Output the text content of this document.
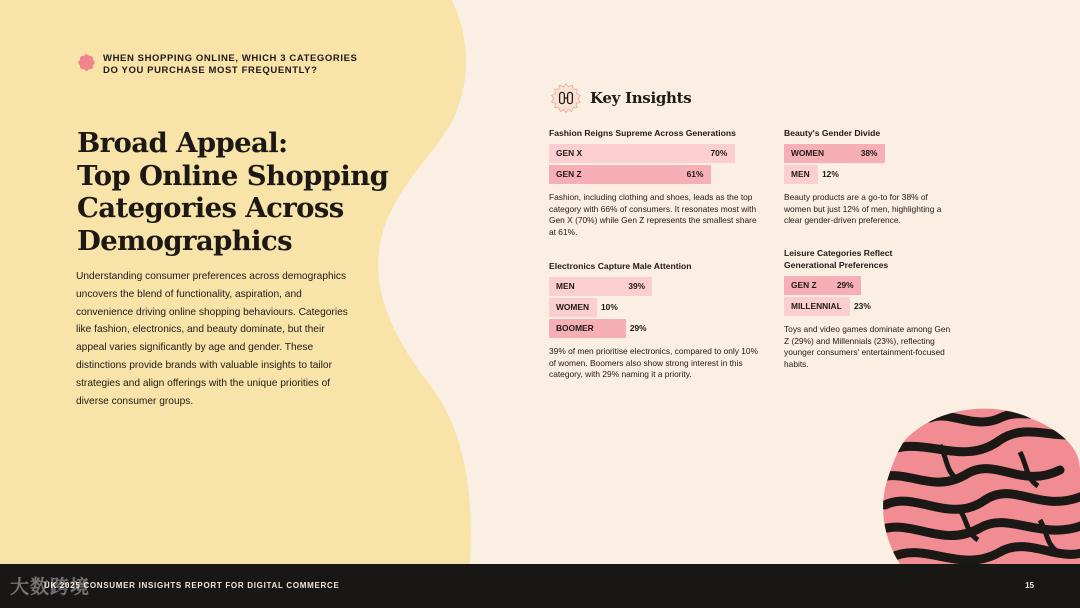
WHEN SHOPPING ONLINE, WHICH 3 CATEGORIES
DO YOU PURCHASE MOST FREQUENTLY?
Broad Appeal:
Top Online Shopping
Categories Across
Demographics

Understanding consumer preferences across demographics uncovers the blend of functionality, aspiration, and convenience driving online shopping behaviours. Categories like fashion, electronics, and beauty dominate, but their appeal varies significantly by age and gender. These distinctions provide brands with valuable insights to tailor strategies and align offerings with the unique priorities of diverse consumer groups.

Key Insights

Fashion Reigns Supreme Across Generations

GEN X	70%
GEN Z	61%

Fashion, including clothing and shoes, leads as the top category with 66% of consumers. It resonates most with Gen X (70%) while Gen Z represents the smallest share at 61%.

Electronics Capture Male Attention

MEN	39%
WOMEN 10%
BOOMER	29%

39% of men prioritise electronics, compared to only 10% of women. Boomers also show strong interest in this category, with 29% naming it a priority.

Beauty's Gender Divide

WOMEN	38%
MEN 12%

Beauty products are a go-to for 38% of women but just 12% of men, highlighting a clear gender-driven preference.

Leisure Categories Reflect
Generational Preferences

GEN Z 29%
MILLENNIAL 23%

Toys and video games dominate among Gen Z (29%) and Millennials (23%), reflecting younger consumers' entertainment-focused habits.

UK 2025 CONSUMER INSIGHTS REPORT FOR DIGITAL COMMERCE	15
大数跨境
